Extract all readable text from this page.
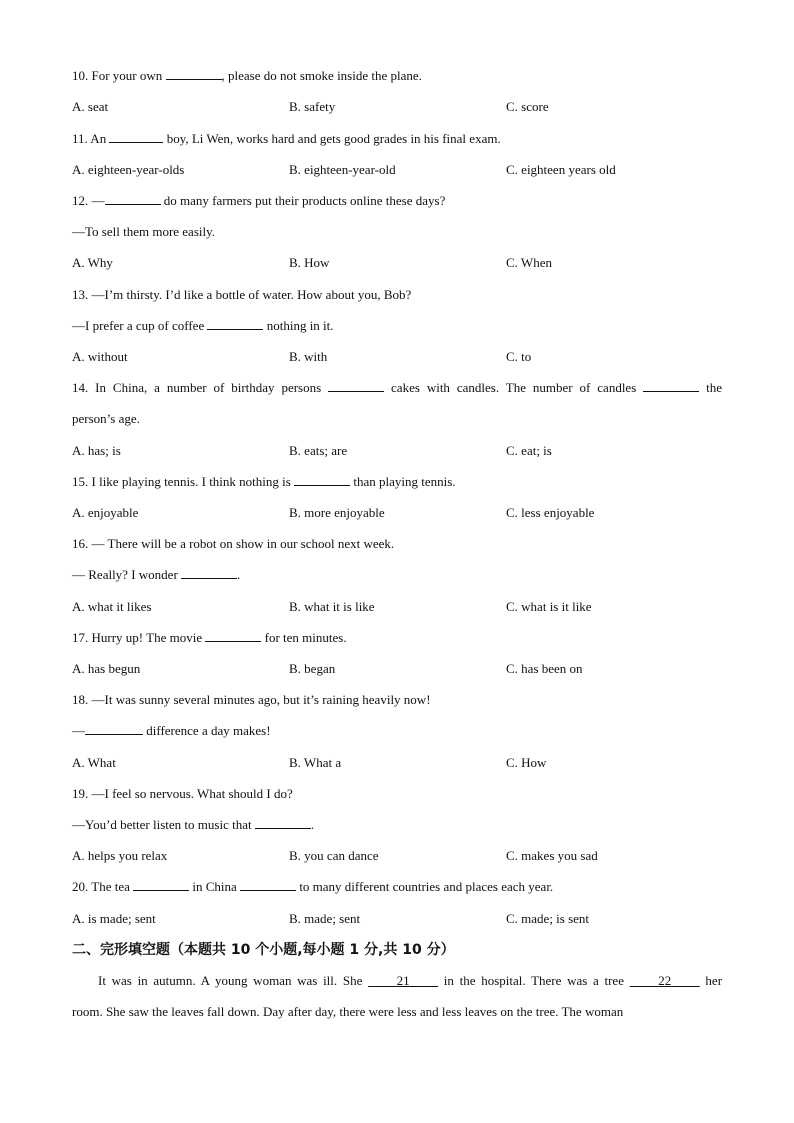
10. For your own	, please do not smoke inside the plane.
A. seat	B. safety	C. score
11. An	boy, Li Wen, works hard and gets good grades in his final exam.
A. eighteen-year-olds	B. eighteen-year-old	C. eighteen years old
12. —	do many farmers put their products online these days?
—To sell them more easily.
A. Why	B. How	C. When
13. —I’m thirsty. I’d like a bottle of water. How about you, Bob?
—I prefer a cup of coffee	nothing in it.
A. without	B. with	C. to
14. In China, a number of birthday persons	cakes with candles. The number of candles	the
person’s age.
A. has; is	B. eats; are	C. eat; is
15. I like playing tennis. I think nothing is	than playing tennis.
A. enjoyable	B. more enjoyable	C. less enjoyable
16. — There will be a robot on show in our school next week.
— Really? I wonder	.
A. what it likes	B. what it is like	C. what is it like
17. Hurry up! The movie	for ten minutes.
A. has begun	B. began	C. has been on
18. —It was sunny several minutes ago, but it’s raining heavily now!
—	difference a day makes!
A. What	B. What a	C. How
19. —I feel so nervous. What should I do?
—You’d better listen to music that	.
A. helps you relax	B. you can dance	C. makes you sad
20. The tea	in China	to many different countries and places each year.
A. is made; sent	B. made; sent	C. made; is sent
二、完形填空题（本题共 10 个小题,每小题 1 分,共 10 分）
It was in autumn. A young woman was ill. She      21      in the hospital. There was a tree      22      her
room. She saw the leaves fall down. Day after day, there were less and less leaves on the tree. The woman
